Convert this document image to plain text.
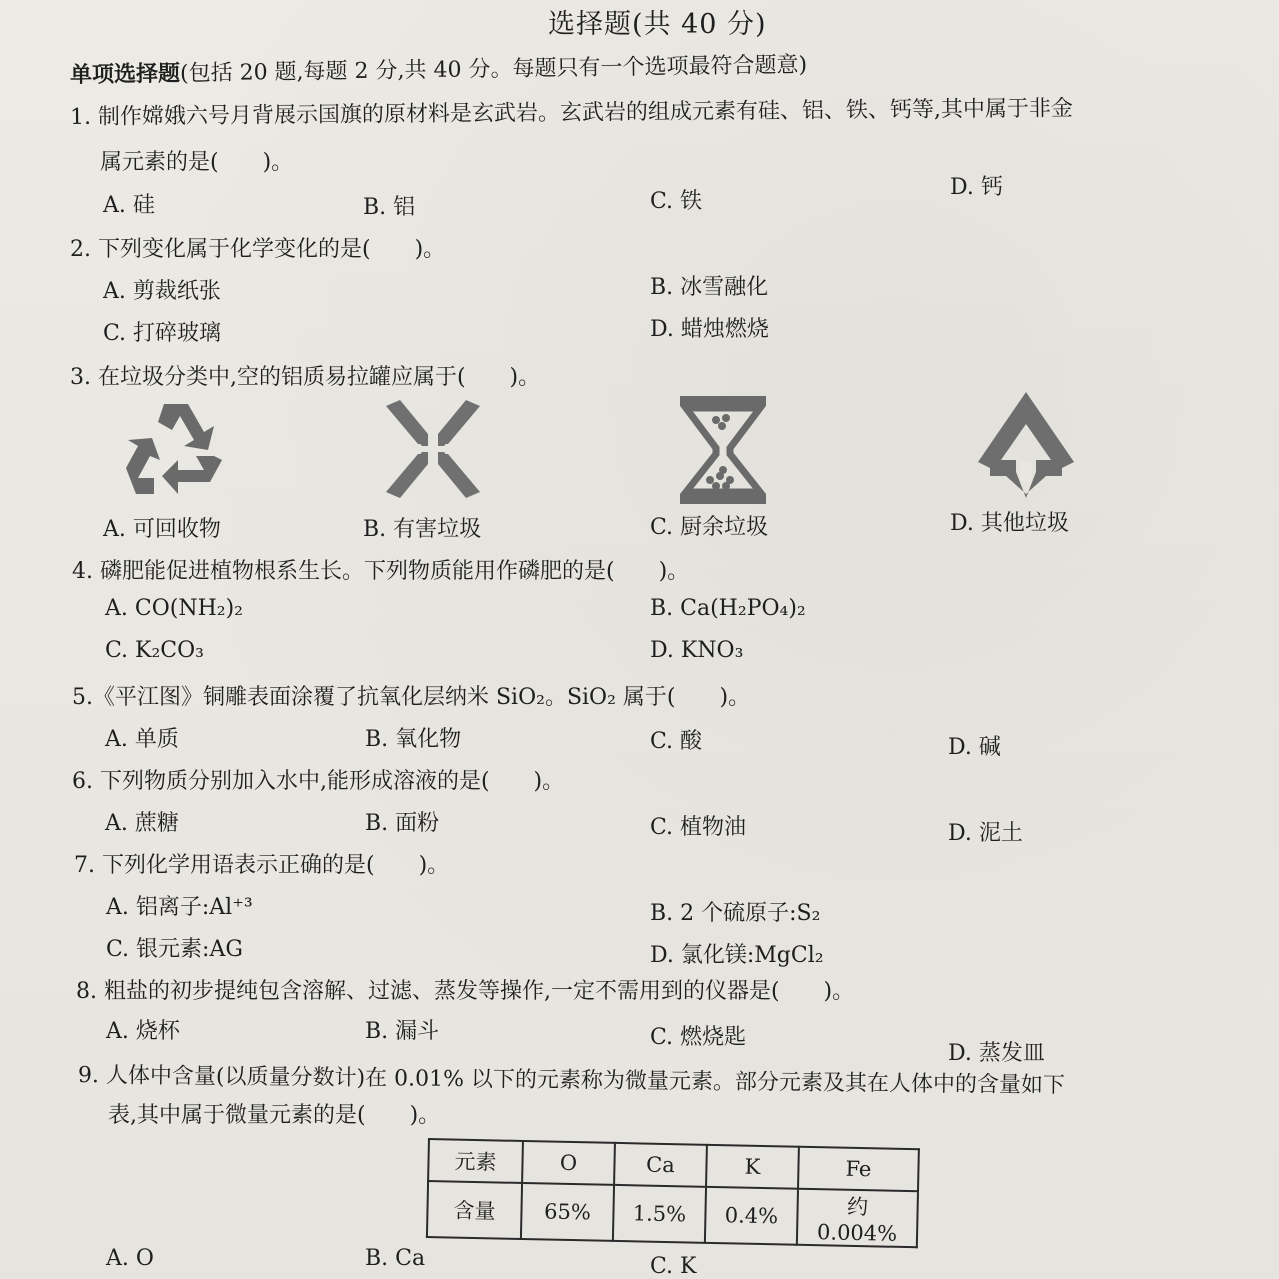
选择题(共 40 分)
单项选择题(包括 20 题,每题 2 分,共 40 分。每题只有一个选项最符合题意)
1. 制作嫦娥六号月背展示国旗的原材料是玄武岩。玄武岩的组成元素有硅、铝、铁、钙等,其中属于非金
属元素的是(　　)。
A. 硅	B. 铝	C. 铁
D. 钙
2. 下列变化属于化学变化的是(　　)。
A. 剪裁纸张	B. 冰雪融化
C. 打碎玻璃	D. 蜡烛燃烧
3. 在垃圾分类中,空的铝质易拉罐应属于(　　)。
A. 可回收物	B. 有害垃圾	C. 厨余垃圾	D. 其他垃圾
4. 磷肥能促进植物根系生长。下列物质能用作磷肥的是(　　)。
A. CO(NH₂)₂	B. Ca(H₂PO₄)₂
C. K₂CO₃	D. KNO₃
5.《平江图》铜雕表面涂覆了抗氧化层纳米 SiO₂。SiO₂ 属于(　　)。
A. 单质	B. 氧化物	C. 酸	D. 碱
6. 下列物质分别加入水中,能形成溶液的是(　　)。
A. 蔗糖	B. 面粉	C. 植物油	D. 泥土
7. 下列化学用语表示正确的是(　　)。
A. 铝离子:Al⁺³	B. 2 个硫原子:S₂
C. 银元素:AG	D. 氯化镁:MgCl₂
8. 粗盐的初步提纯包含溶解、过滤、蒸发等操作,一定不需用到的仪器是(　　)。
A. 烧杯	B. 漏斗	C. 燃烧匙
D. 蒸发皿
9. 人体中含量(以质量分数计)在 0.01% 以下的元素称为微量元素。部分元素及其在人体中的含量如下
表,其中属于微量元素的是(　　)。
元素	O	Ca	K	Fe
含量	65%	1.5%	0.4%	约 0.004%
A. O	B. Ca	C. K
